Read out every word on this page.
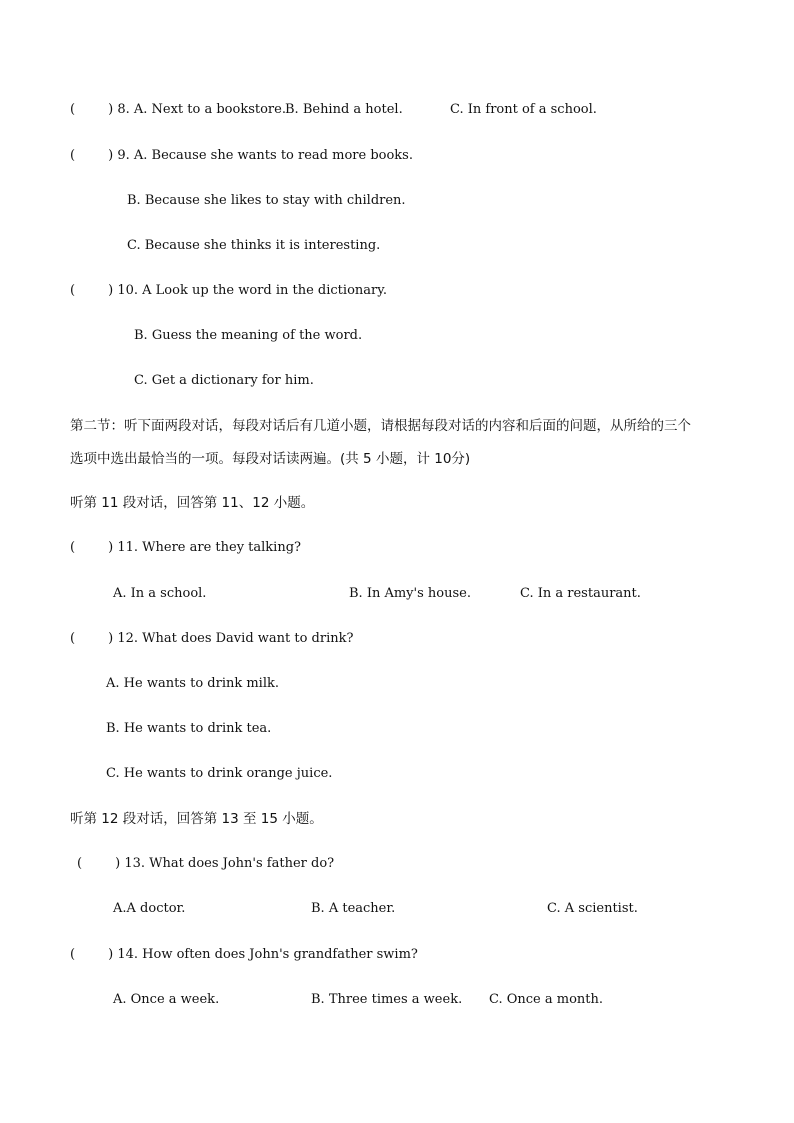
(        ) 8. A. Next to a bookstore. B. Behind a hotel.	C. In front of a school.
(        ) 9. A. Because she wants to read more books.
B. Because she likes to stay with children.
C. Because she thinks it is interesting.
(        ) 10. A Look up the word in the dictionary.
B. Guess the meaning of the word.
C. Get a dictionary for him.
第二节：听下面两段对话，每段对话后有几道小题，请根据每段对话的内容和后面的问题，从所给的三个
选项中选出最恰当的一项。每段对话读两遍。(共 5 小题，计 10分)
听第 11 段对话，回答第 11、12 小题。
(        ) 11. Where are they talking?
A. In a school.	B. In Amy's house.	C. In a restaurant.
(        ) 12. What does David want to drink?
A. He wants to drink milk.
B. He wants to drink tea.
C. He wants to drink orange juice.
听第 12 段对话，回答第 13 至 15 小题。
(        ) 13. What does John's father do?
A.A doctor.	B. A teacher.	C. A scientist.
(        ) 14. How often does John's grandfather swim?
A. Once a week.	B. Three times a week. C. Once a month.
